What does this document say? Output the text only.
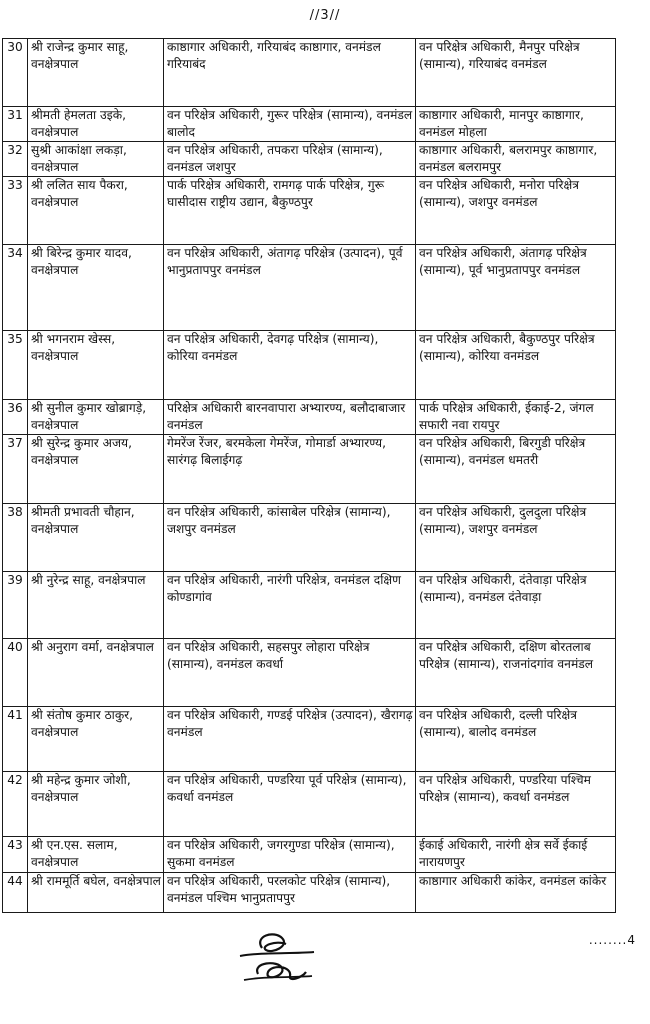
//3//
30	श्री राजेन्द्र कुमार साहू, वनक्षेत्रपाल	काष्ठागार अधिकारी, गरियाबंद काष्ठागार, वनमंडल गरियाबंद	वन परिक्षेत्र अधिकारी, मैनपुर परिक्षेत्र (सामान्य), गरियाबंद वनमंडल
31	श्रीमती हेमलता उइके, वनक्षेत्रपाल	वन परिक्षेत्र अधिकारी, गुरूर परिक्षेत्र (सामान्य), वनमंडल बालोद	काष्ठागार अधिकारी, मानपुर काष्ठागार, वनमंडल मोहला
32	सुश्री आकांक्षा लकड़ा, वनक्षेत्रपाल	वन परिक्षेत्र अधिकारी, तपकरा परिक्षेत्र (सामान्य), वनमंडल जशपुर	काष्ठागार अधिकारी, बलरामपुर काष्ठागार, वनमंडल बलरामपुर
33	श्री ललित साय पैकरा, वनक्षेत्रपाल	पार्क परिक्षेत्र अधिकारी, रामगढ़ पार्क परिक्षेत्र, गुरू घासीदास राष्ट्रीय उद्यान, बैकुण्ठपुर	वन परिक्षेत्र अधिकारी, मनोरा परिक्षेत्र (सामान्य), जशपुर वनमंडल
34	श्री बिरेन्द्र कुमार यादव, वनक्षेत्रपाल	वन परिक्षेत्र अधिकारी, अंतागढ़ परिक्षेत्र (उत्पादन), पूर्व भानुप्रतापपुर वनमंडल	वन परिक्षेत्र अधिकारी, अंतागढ़ परिक्षेत्र (सामान्य), पूर्व भानुप्रतापपुर वनमंडल
35	श्री भगनराम खेस्स, वनक्षेत्रपाल	वन परिक्षेत्र अधिकारी, देवगढ़ परिक्षेत्र (सामान्य), कोरिया वनमंडल	वन परिक्षेत्र अधिकारी, बैकुण्ठपुर परिक्षेत्र (सामान्य), कोरिया वनमंडल
36	श्री सुनील कुमार खोब्रागड़े, वनक्षेत्रपाल	परिक्षेत्र अधिकारी बारनवापारा अभ्यारण्य, बलौदाबाजार वनमंडल	पार्क परिक्षेत्र अधिकारी, ईकाई-2, जंगल सफारी नवा रायपुर
37	श्री सुरेन्द्र कुमार अजय, वनक्षेत्रपाल	गेमरेंज रेंजर, बरमकेला गेमरेंज, गोमार्डा अभ्यारण्य, सारंगढ़ बिलाईगढ़	वन परिक्षेत्र अधिकारी, बिरगुडी परिक्षेत्र (सामान्य), वनमंडल धमतरी
38	श्रीमती प्रभावती चौहान, वनक्षेत्रपाल	वन परिक्षेत्र अधिकारी, कांसाबेल परिक्षेत्र (सामान्य), जशपुर वनमंडल	वन परिक्षेत्र अधिकारी, दुलदुला परिक्षेत्र (सामान्य), जशपुर वनमंडल
39	श्री नुरेन्द्र साहू, वनक्षेत्रपाल	वन परिक्षेत्र अधिकारी, नारंगी परिक्षेत्र, वनमंडल दक्षिण कोण्डागांव	वन परिक्षेत्र अधिकारी, दंतेवाड़ा परिक्षेत्र (सामान्य), वनमंडल दंतेवाड़ा
40	श्री अनुराग वर्मा, वनक्षेत्रपाल	वन परिक्षेत्र अधिकारी, सहसपुर लोहारा परिक्षेत्र (सामान्य), वनमंडल कवर्धा	वन परिक्षेत्र अधिकारी, दक्षिण बोरतलाब परिक्षेत्र (सामान्य), राजनांदगांव वनमंडल
41	श्री संतोष कुमार ठाकुर, वनक्षेत्रपाल	वन परिक्षेत्र अधिकारी, गण्डई परिक्षेत्र (उत्पादन), खैरागढ़ वनमंडल	वन परिक्षेत्र अधिकारी, दल्ली परिक्षेत्र (सामान्य), बालोद वनमंडल
42	श्री महेन्द्र कुमार जोशी, वनक्षेत्रपाल	वन परिक्षेत्र अधिकारी, पण्डरिया पूर्व परिक्षेत्र (सामान्य), कवर्धा वनमंडल	वन परिक्षेत्र अधिकारी, पण्डरिया पश्चिम परिक्षेत्र (सामान्य), कवर्धा वनमंडल
43	श्री एन.एस. सलाम, वनक्षेत्रपाल	वन परिक्षेत्र अधिकारी, जगरगुण्डा परिक्षेत्र (सामान्य), सुकमा वनमंडल	ईकाई अधिकारी, नारंगी क्षेत्र सर्वे ईकाई नारायणपुर
44	श्री राममूर्ति बघेल, वनक्षेत्रपाल	वन परिक्षेत्र अधिकारी, परलकोट परिक्षेत्र (सामान्य), वनमंडल पश्चिम भानुप्रतापपुर	काष्ठागार अधिकारी कांकेर, वनमंडल कांकेर
........4
